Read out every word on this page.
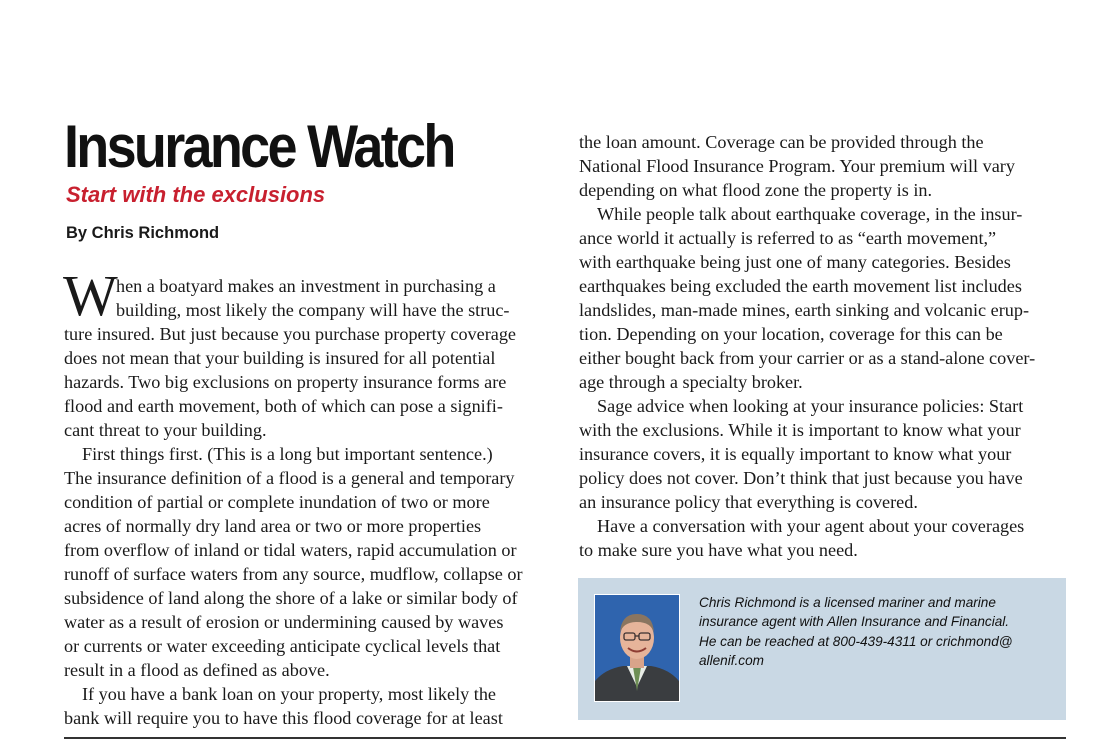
Insurance Watch
Start with the exclusions
By Chris Richmond
W
hen a boatyard makes an investment in purchasing a
building, most likely the company will have the struc-
ture insured. But just because you purchase property coverage
does not mean that your building is insured for all potential
hazards. Two big exclusions on property insurance forms are
flood and earth movement, both of which can pose a signifi-
cant threat to your building.
First things first. (This is a long but important sentence.)
The insurance definition of a flood is a general and temporary
condition of partial or complete inundation of two or more
acres of normally dry land area or two or more properties
from overflow of inland or tidal waters, rapid accumulation or
runoff of surface waters from any source, mudflow, collapse or
subsidence of land along the shore of a lake or similar body of
water as a result of erosion or undermining caused by waves
or currents or water exceeding anticipate cyclical levels that
result in a flood as defined as above.
If you have a bank loan on your property, most likely the
bank will require you to have this flood coverage for at least
the loan amount. Coverage can be provided through the
National Flood Insurance Program. Your premium will vary
depending on what flood zone the property is in.
While people talk about earthquake coverage, in the insur-
ance world it actually is referred to as “earth movement,”
with earthquake being just one of many categories. Besides
earthquakes being excluded the earth movement list includes
landslides, man-made mines, earth sinking and volcanic erup-
tion. Depending on your location, coverage for this can be
either bought back from your carrier or as a stand-alone cover-
age through a specialty broker.
Sage advice when looking at your insurance policies: Start
with the exclusions. While it is important to know what your
insurance covers, it is equally important to know what your
policy does not cover. Don’t think that just because you have
an insurance policy that everything is covered.
Have a conversation with your agent about your coverages
to make sure you have what you need.
Chris Richmond is a licensed mariner and marine
insurance agent with Allen Insurance and Financial.
He can be reached at 800-439-4311 or crichmond@
allenif.com
